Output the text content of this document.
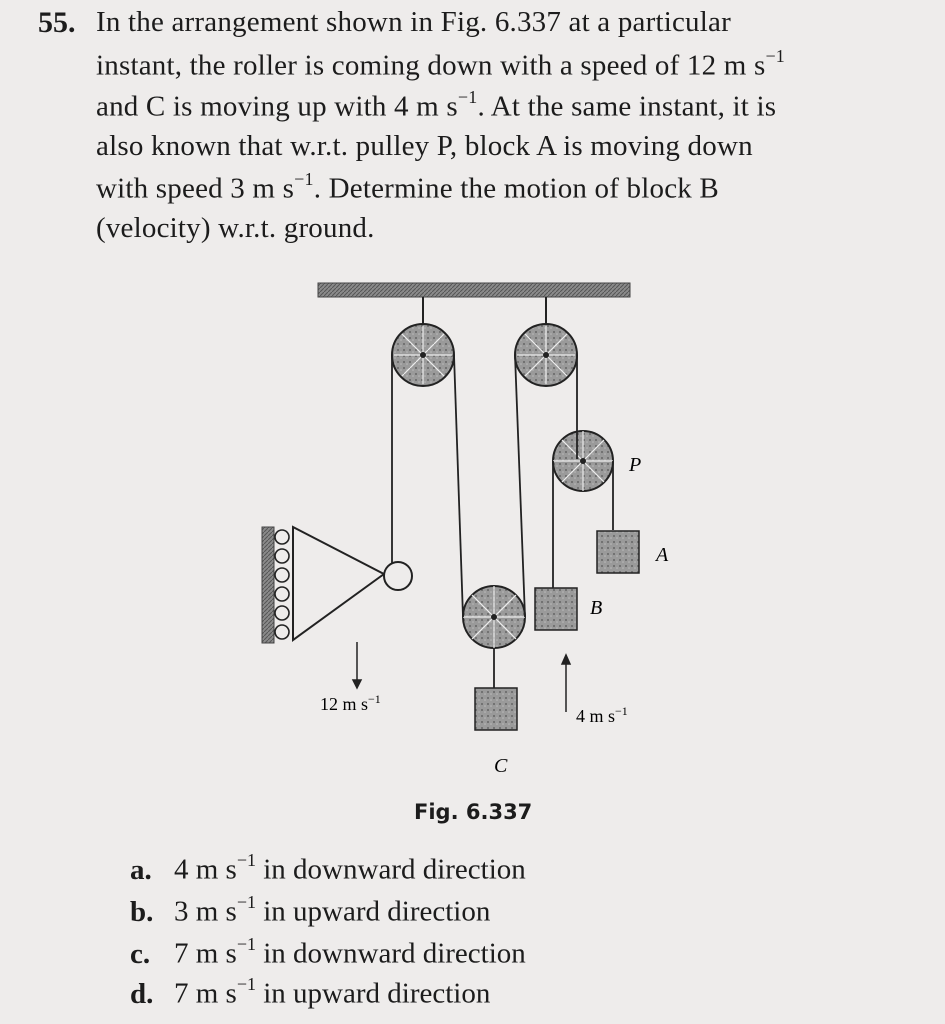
55. In the arrangement shown in Fig. 6.337 at a particular
instant, the roller is coming down with a speed of 12 m $s^{-1}$
and C is moving up with 4 m $s^{-1}$. At the same instant, it is
also known that w.r.t. pulley P, block A is moving down
with speed 3 m $s^{-1}$. Determine the motion of block B
(velocity) w.r.t. ground.
P
A
B
C
12 m $s^{-1}$
4 m $s^{-1}$
Fig. 6.337
a. 4 m $s^{-1}$ in downward direction
b. 3 m $s^{-1}$ in upward direction
c. 7 m $s^{-1}$ in downward direction
d. 7 m $s^{-1}$ in upward direction
